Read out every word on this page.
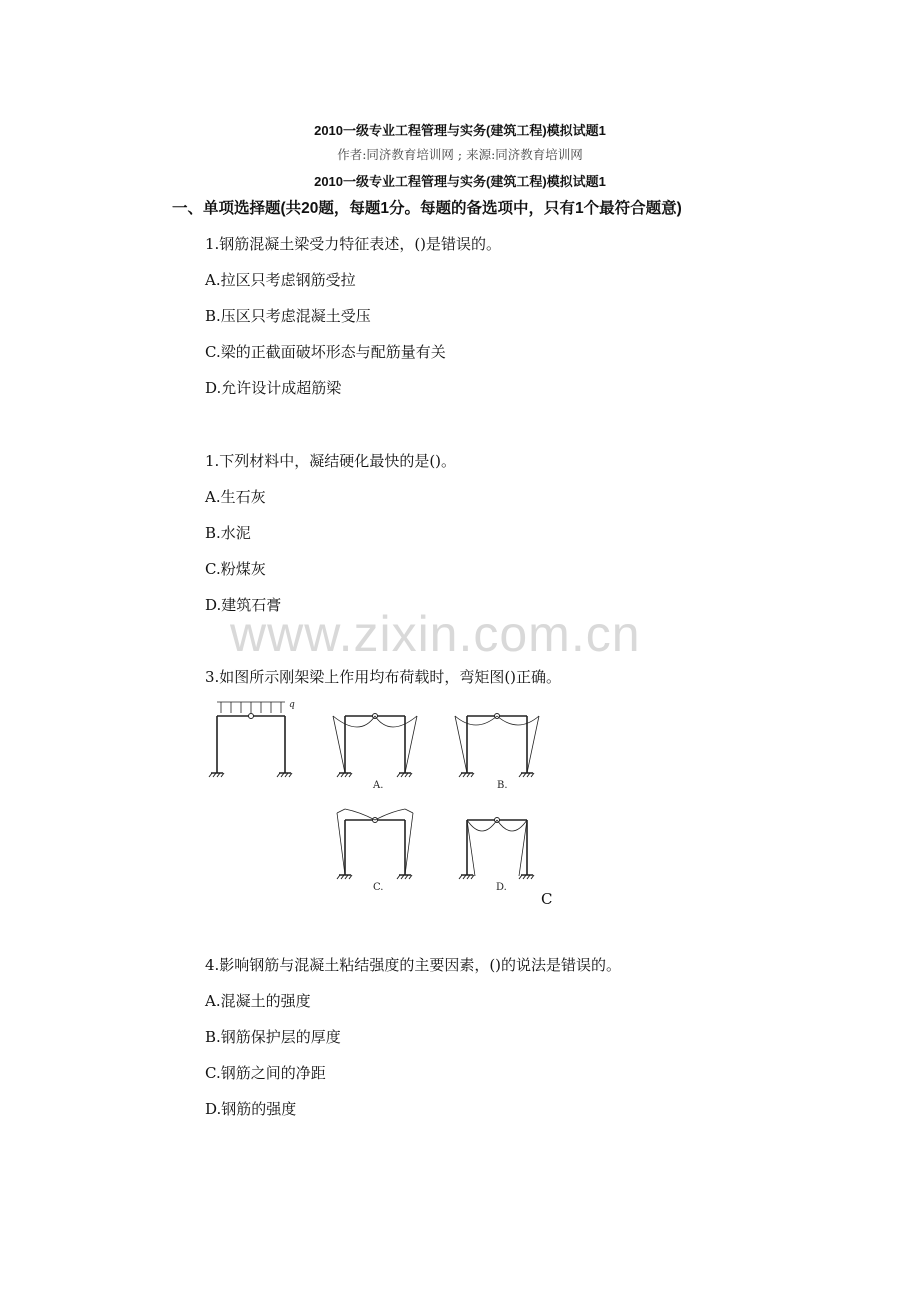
2010一级专业工程管理与实务(建筑工程)模拟试题1
作者:同济教育培训网 ; 来源:同济教育培训网
2010一级专业工程管理与实务(建筑工程)模拟试题1
一、单项选择题(共20题，每题1分。每题的备选项中，只有1个最符合题意)
1.钢筋混凝土梁受力特征表述，()是错误的。
A.拉区只考虑钢筋受拉
B.压区只考虑混凝土受压
C.梁的正截面破坏形态与配筋量有关
D.允许设计成超筋梁
1.下列材料中，凝结硬化最快的是()。
A.生石灰
B.水泥
C.粉煤灰
D.建筑石膏
www.zixin.com.cn
3.如图所示刚架梁上作用均布荷载时，弯矩图()正确。
q
A.	B.
C.	D.
C
4.影响钢筋与混凝土粘结强度的主要因素，()的说法是错误的。
A.混凝土的强度
B.钢筋保护层的厚度
C.钢筋之间的净距
D.钢筋的强度
